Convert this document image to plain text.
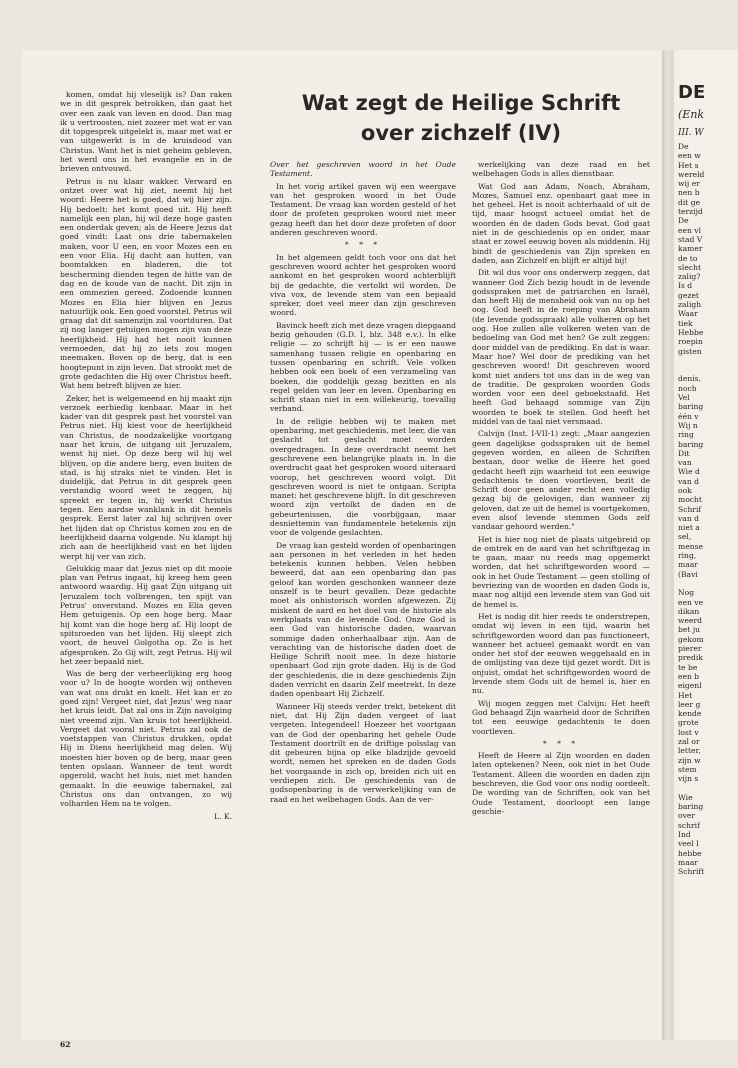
komen, omdat hij vleselijk is? Dan raken we in dit gesprek betrokken, dan gaat het over een zaak van leven en dood. Dan mag ik u vertroosten, niet zozeer met wat er van dit topgesprek uitgelekt is, maar met wat er van uitgewerkt is in de kruisdood van Christus. Want het is niet geheim gebleven, het werd ons in het evangelie en in de brieven ontvouwd.

Petrus is nu klaar wakker. Verward en ontzet over wat hij ziet, neemt hij het woord: Heere het is goed, dat wij hier zijn. Hij bedoelt: het komt goed uit. Hij heeft namelijk een plan, hij wil deze hoge gasten een onderdak geven; als de Heere Jezus dat goed vindt: Laat ons drie tabernakelen maken, voor U een, en voor Mozes een en een voor Elia. Hij dacht aan hutten, van boomtakken en bladeren, die tot bescherming dienden tegen de hitte van de dag en de koude van de nacht. Dit zijn in een ommezien gereed. Zodoende kunnen Mozes en Elia hier blijven en Jezus natuurlijk ook. Een goed voorstel. Petrus wil graag dat dit samenzijn zal voortduren. Dat zij nog langer getuigen mogen zijn van deze heerlijkheid. Hij had het nooit kunnen vermoeden, dat hij zo iets zou mogen meemaken. Boven op de berg, dat is een hoogtepunt in zijn leven. Dat strookt met de grote gedachten die Hij over Christus heeft. Wat hem betreft blijven ze hier.

Zeker, het is welgemeend en hij maakt zijn verzoek eerbiedig kenbaar. Maar in het kader van dit gesprek past het voorstel van Petrus niet. Hij kiest voor de heerlijkheid van Christus, de noodzakelijke voortgang naar het kruis, de uitgang uit Jeruzalem, wenst hij niet. Op deze berg wil hij wel blijven, op die andere berg, even buiten de stad, is hij straks niet te vinden. Het is duidelijk, dat Petrus in dit gesprek geen verstandig woord weet te zeggen, hij spreekt er tegen in, hij werkt Christus tegen. Een aardse wanklank in dit hemels gesprek. Eerst later zal hij schrijven over het lijden dat op Christus komen zou en de heerlijkheid daarna volgende. Nu klampt hij zich aan de heerlijkheid vast en het lijden werpt hij ver van zich.

Gelukkig maar dat Jezus niet op dit mooie plan van Petrus ingaat, hij kreeg hem geen antwoord waardig. Hij gaat Zijn uitgang uit Jeruzalem toch volbrengen, ten spijt van Petrus' onverstand. Mozes en Elia geven Hem getuigenis. Op een hoge berg. Maar hij komt van die hoge berg af. Hij loopt de spitsroeden van het lijden. Hij sleept zich voort, de heuvel Golgotha op. Zo is het afgesproken. Zo Gij wilt, zegt Petrus. Hij wil het zeer bepaald niet.

Was de berg der verheerlijking erg hoog voor u? In de hoogte worden wij ontheven van wat ons drukt en knelt. Het kan er zo goed zijn! Vergeet niet, dat Jezus' weg naar het kruis leidt. Dat zal ons in Zijn navolging niet vreemd zijn. Van kruis tot heerlijkheid. Vergeet dat vooral niet. Petrus zal ook de voetstappen van Christus drukken, opdat Hij in Diens heerlijkheid mag delen. Wij moesten hier boven op de berg, maar geen tenten opslaan. Wanneer de tent wordt opgerold, wacht het huis, niet met handen gemaakt. In die eeuwige tabernakel, zal Christus ons dan ontvangen, zo wij volharden Hem na te volgen.

L. K.

Wat zegt de Heilige Schrift
over zichzelf (IV)

Over het geschreven woord in het Oude Testament.

In het vorig artikel gaven wij een weergave van het gesproken woord in het Oude Testament. De vraag kan worden gesteld of het door de profeten gesproken woord niet meer gezag heeft dan het door deze profeten of door anderen geschreven woord.

* * *

In het algemeen geldt toch voor ons dat het geschreven woord achter het gesproken woord aankomt en het gesproken woord achterblijft bij de gedachte, die vertolkt wil worden. De viva vox, de levende stem van een bepaald spreker, doet veel meer dan zijn geschreven woord.

Bavinck heeft zich met deze vragen diepgaand bezig gehouden (G.D. I, blz. 348 e.v.). In elke religie — zo schrijft hij — is er een nauwe samenhang tussen religie en openbaring en tussen openbaring en schrift. Vele volken hebben ook een boek of een verzameling van boeken, die goddelijk gezag bezitten en als regel gelden van leer en leven. Openbaring en schrift staan niet in een willekeurig, toevallig verband.

In de religie hebben wij te maken met openbaring, met geschiedenis, met leer, die van geslacht tot geslacht moet worden overgedragen. In deze overdracht neemt het geschrevene een belangrijke plaats in. In die overdracht gaat het gesproken woord uiteraard voorop, het geschreven woord volgt. Dit geschreven woord is niet te ontgaan. Scripta manet: het geschrevene blijft. In dit geschreven woord zijn vertolkt de daden en de gebeurtenissen, die voorbijgaan, maar desniettemin van fundamentele betekenis zijn voor de volgende geslachten.

De vraag kan gesteld worden of openbaringen aan personen in het verleden in het heden betekenis kunnen hebben. Velen hebben beweerd, dat aan een openbaring dan pas geloof kan worden geschonken wanneer deze onszelf is te beurt gevallen. Deze gedachte moet als onhistorisch worden afgewezen. Zij miskent de aard en het doel van de historie als werkplaats van de levende God. Onze God is een God van historische daden, waarvan sommige daden onherhaalbaar zijn. Aan de verachting van de historische daden doet de Heilige Schrift nooit mee. In deze historie openbaart God zijn grote daden. Hij is de God der geschiedenis, die in deze geschiedenis Zijn daden verricht en daarin Zelf meetrekt. In deze daden openbaart Hij Zichzelf.

Wanneer Hij steeds verder trekt, betekent dit niet, dat Hij Zijn daden vergeet of laat vergeten. Integendeel! Hoezeer het voortgaan van de God der openbaring het gehele Oude Testament doortrilt en de driftige polsslag van dit gebeuren bijna op elke bladzijde gevoeld wordt, nemen het spreken en de daden Gods het voorgaande in zich op, breiden zich uit en verdiepen zich. De geschiedenis van de godsopenbaring is de verwerkelijking van de raad en het welbehagen Gods. Aan de ver-

werkelijking van deze raad en het welbehagen Gods is alles dienstbaar.

Wat God aan Adam, Noach, Abraham, Mozes, Samuel enz. openbaart gaat mee in het geheel. Het is nooit achterhaald of uit de tijd, maar hoogst actueel omdat het de woorden én de daden Gods bevat. God gaat niet in de geschiedenis op en onder, maar staat er zowel eeuwig boven als middenin. Hij bindt de geschiedenis van Zijn spreken en daden, aan Zichzelf en blijft er altijd bij!

Dit wil dus voor ons onderwerp zeggen, dat wanneer God Zich bezig houdt in de levende godsspraken met de patriarchen en Israël, dan heeft Hij de mensheid ook van nu op het oog. God heeft in de roeping van Abraham (de levende godsspraak) alle volkeren op het oog. Hoe zullen alle volkeren weten van de bedoeling van God met hen? Ge zult zeggen: door middel van de prediking. En dat is waar. Maar hoe? Wel door de prediking van het geschreven woord! Dit geschreven woord komt niet anders tot ons dan in de weg van de traditie. De gesproken woorden Gods worden voor een deel geboekstaafd. Het heeft God behaagd sommige van Zijn woorden te boek te stellen. God heeft het middel van de taal niet versmaad.

Calvijn (Inst. I-VII-1) zegt: „Maar aangezien geen dagelijkse godsspraken uit de hemel gegeven worden, en alleen de Schriften bestaan, door welke de Heere het goed gedacht heeft zijn waarheid tot een eeuwige gedachtenis te doen voortleven, bezit de Schrift door geen ander recht een volledig gezag bij de gelovigen, dan wanneer zij geloven, dat ze uit de hemel is voortgekomen, even alsof levende stemmen Gods zelf vandaar gehoord werden."

Het is hier nog niet de plaats uitgebreid op de omtrek en de aard van het schriftgezag in te gaan, maar nu reeds mag opgemerkt worden, dat het schriftgeworden woord — ook in het Oude Testament — geen stolling of bevriezing van de woorden en daden Gods is, maar nog altijd een levende stem van God uit de hemel is.

Het is nodig dit hier reeds te onderstrepen, omdat wij leven in een tijd, waarin het schriftgeworden woord dan pas functioneert, wanneer het actueel gemaakt wordt en van onder het stof der eeuwen weggehaald en in de omlijsting van deze tijd gezet wordt. Dit is onjuist, omdat het schriftgeworden woord de levende stem Gods uit de hemel is, hier en nu.

Wij mogen zeggen met Calvijn: Het heeft God behaagd Zijn waarheid door de Schriften tot een eeuwige gedachtenis te doen voortleven.

* * *

Heeft de Heere al Zijn woorden en daden laten optekenen? Neen, ook niet in het Oude Testament. Alleen die woorden en daden zijn beschreven, die God voor ons nodig oordeelt. De wording van de Schriften, ook van het Oude Testament, doorloopt een lange geschie-

62
DE
(Enk
III. W
De
een w
Het s
wereld
wij er
nen b
dit ge
terzijd
De
een vl
stad V
kamer
de to
slecht
zalig?
Is d
gezet
zaligh
Waar
tiek
Hebbe
roepin
gisten
denis,
noch
Vel
baring
één v
Wij n
ring
baring
Dit
van
Wie d
van d
ook
mocht
Schrif
van d
niet a
sel,
mense
ring,
maar
(Bavi
Nog
een ve
dikan
weerd
bet ju
gekom
pierer
predik
te be
een b
eigenl
Het
leer g
kende
grote
lost v
zal or
letter,
zijn w
stem
vijn s
Wie
baring
over
schrif
Ind
veel l
hebbe
maar
Schrift
